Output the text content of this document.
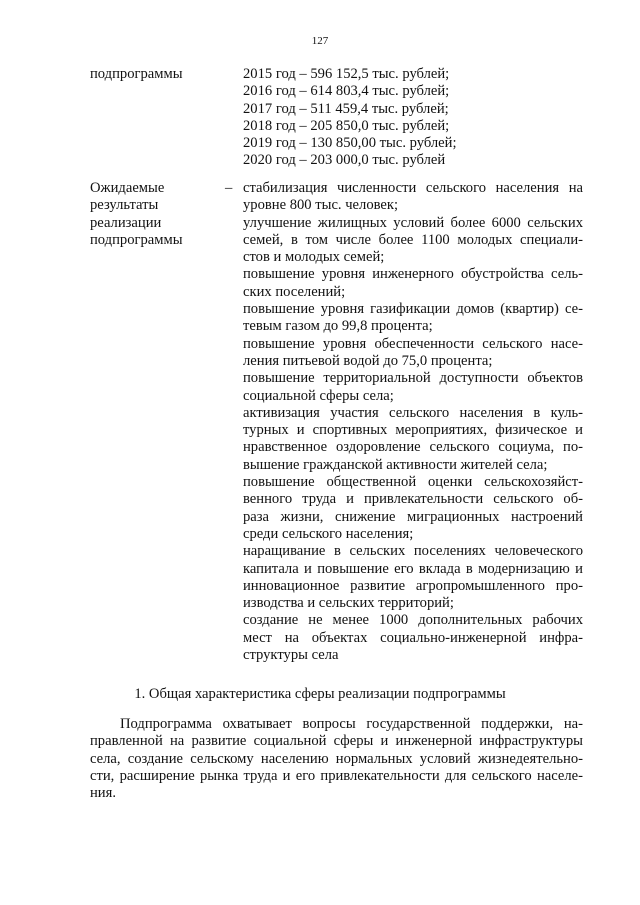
127
подпрограммы	2015 год – 596 152,5 тыс. рублей;
2016 год – 614 803,4 тыс. рублей;
2017 год – 511 459,4 тыс. рублей;
2018 год – 205 850,0 тыс. рублей;
2019 год – 130 850,00 тыс. рублей;
2020 год – 203 000,0 тыс. рублей
Ожидаемые
результаты
реализации
подпрограммы
– стабилизация численности сельского населения на
уровне 800 тыс. человек;
улучшение жилищных условий более 6000 сельских
семей, в том числе более 1100 молодых специали-
стов и молодых семей;
повышение уровня инженерного обустройства сель-
ских поселений;
повышение уровня газификации домов (квартир) се-
тевым газом до 99,8 процента;
повышение уровня обеспеченности сельского насе-
ления питьевой водой до 75,0 процента;
повышение территориальной доступности объектов
социальной сферы села;
активизация участия сельского населения в куль-
турных и спортивных мероприятиях, физическое и
нравственное оздоровление сельского социума, по-
вышение гражданской активности жителей села;
повышение общественной оценки сельскохозяйст-
венного труда и привлекательности сельского об-
раза жизни, снижение миграционных настроений
среди сельского населения;
наращивание в сельских поселениях человеческого
капитала и повышение его вклада в модернизацию и
инновационное развитие агропромышленного про-
изводства и сельских территорий;
создание не менее 1000 дополнительных рабочих
мест на объектах социально-инженерной инфра-
структуры села
1. Общая характеристика сферы реализации подпрограммы
Подпрограмма охватывает вопросы государственной поддержки, на-
правленной на развитие социальной сферы и инженерной инфраструктуры
села, создание сельскому населению нормальных условий жизнедеятельно-
сти, расширение рынка труда и его привлекательности для сельского населе-
ния.
